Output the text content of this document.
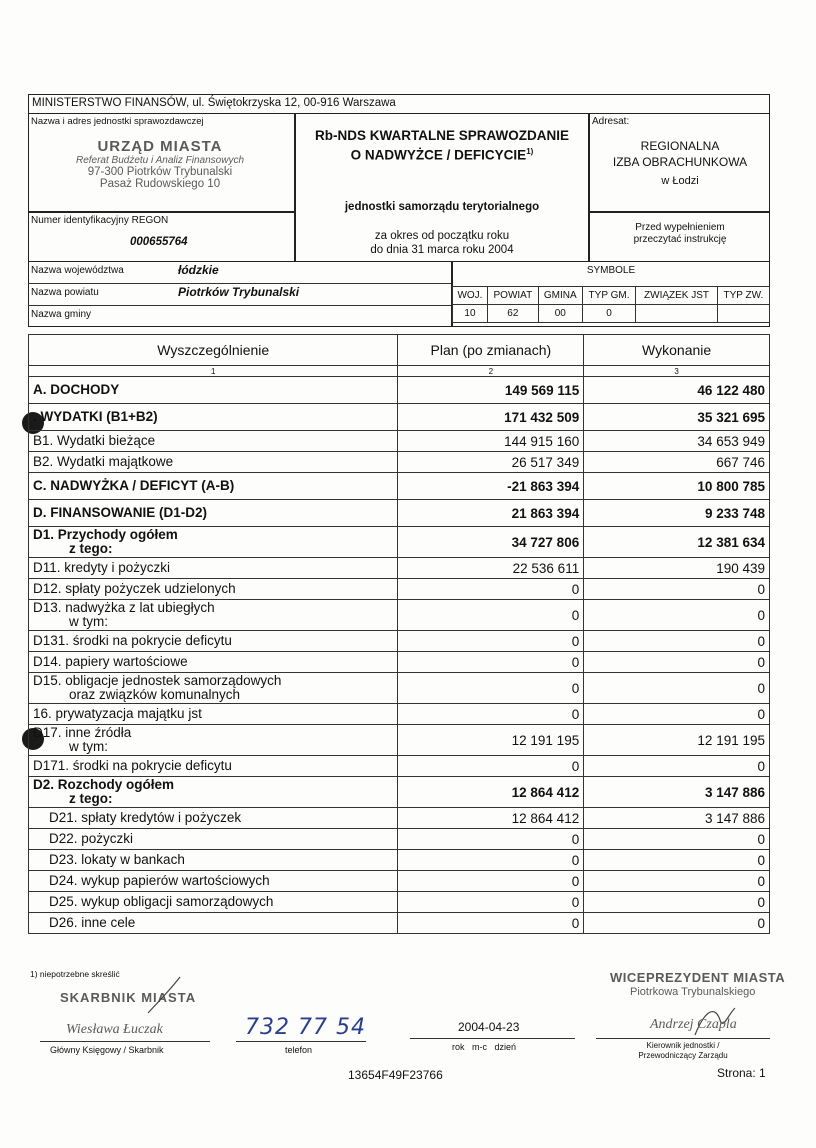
MINISTERSTWO FINANSÓW, ul. Świętokrzyska 12, 00-916 Warszawa
Nazwa i adres jednostki sprawozdawczej
URZĄD MIASTA
Referat Budżetu i Analiz Finansowych
97-300 Piotrków Trybunalski
Pasaż Rudowskiego 10
Numer identyfikacyjny REGON
000655764
Rb-NDS KWARTALNE SPRAWOZDANIE
O NADWYŻCE / DEFICYCIE$^{1)}$
jednostki samorządu terytorialnego
za okres od początku roku
do dnia 31 marca roku 2004
Adresat:
REGIONALNA
IZBA OBRACHUNKOWA
w Łodzi
Przed wypełnieniem
przeczytać instrukcję
Nazwa województwa	łódzkie
Nazwa powiatu	Piotrków Trybunalski
Nazwa gminy
SYMBOLE
WOJ.	POWIAT	GMINA	TYP GM.	ZWIĄZEK JST	TYP ZW.
10	62	00	0		
Wyszczególnienie	Plan (po zmianach)	Wykonanie
1	2	3

A. DOCHODY	149 569 115	46 122 480

. WYDATKI (B1+B2)	171 432 509	35 321 695

B1. Wydatki bieżące	144 915 160	34 653 949

B2. Wydatki majątkowe	26 517 349	667 746

C. NADWYŻKA / DEFICYT (A-B)	-21 863 394	10 800 785

D. FINANSOWANIE (D1-D2)	21 863 394	9 233 748

D1. Przychody ogółem
z tego:	34 727 806	12 381 634

D11. kredyty i pożyczki	22 536 611	190 439

D12. spłaty pożyczek udzielonych	0	0

D13. nadwyżka z lat ubiegłych
w tym:	0	0

D131. środki na pokrycie deficytu	0	0

D14. papiery wartościowe	0	0

D15. obligacje jednostek samorządowych
oraz związków komunalnych	0	0

16. prywatyzacja majątku jst	0	0

D17. inne źródła
w tym:	12 191 195	12 191 195

D171. środki na pokrycie deficytu	0	0

D2. Rozchody ogółem
z tego:	12 864 412	3 147 886

D21. spłaty kredytów i pożyczek	12 864 412	3 147 886

D22. pożyczki	0	0

D23. lokaty w bankach	0	0

D24. wykup papierów wartościowych	0	0

D25. wykup obligacji samorządowych	0	0

D26. inne cele	0	0
1) niepotrzebne skreślić
SKARBNIK MIASTA
Wiesława Łuczak
Główny Księgowy / Skarbnik
732 77 54
telefon
2004-04-23
rok   m-c   dzień
WICEPREZYDENT MIASTA
Piotrkowa Trybunalskiego
Andrzej Czapla
Kierownik jednostki /
Przewodniczący Zarządu
13654F49F23766	Strona: 1
